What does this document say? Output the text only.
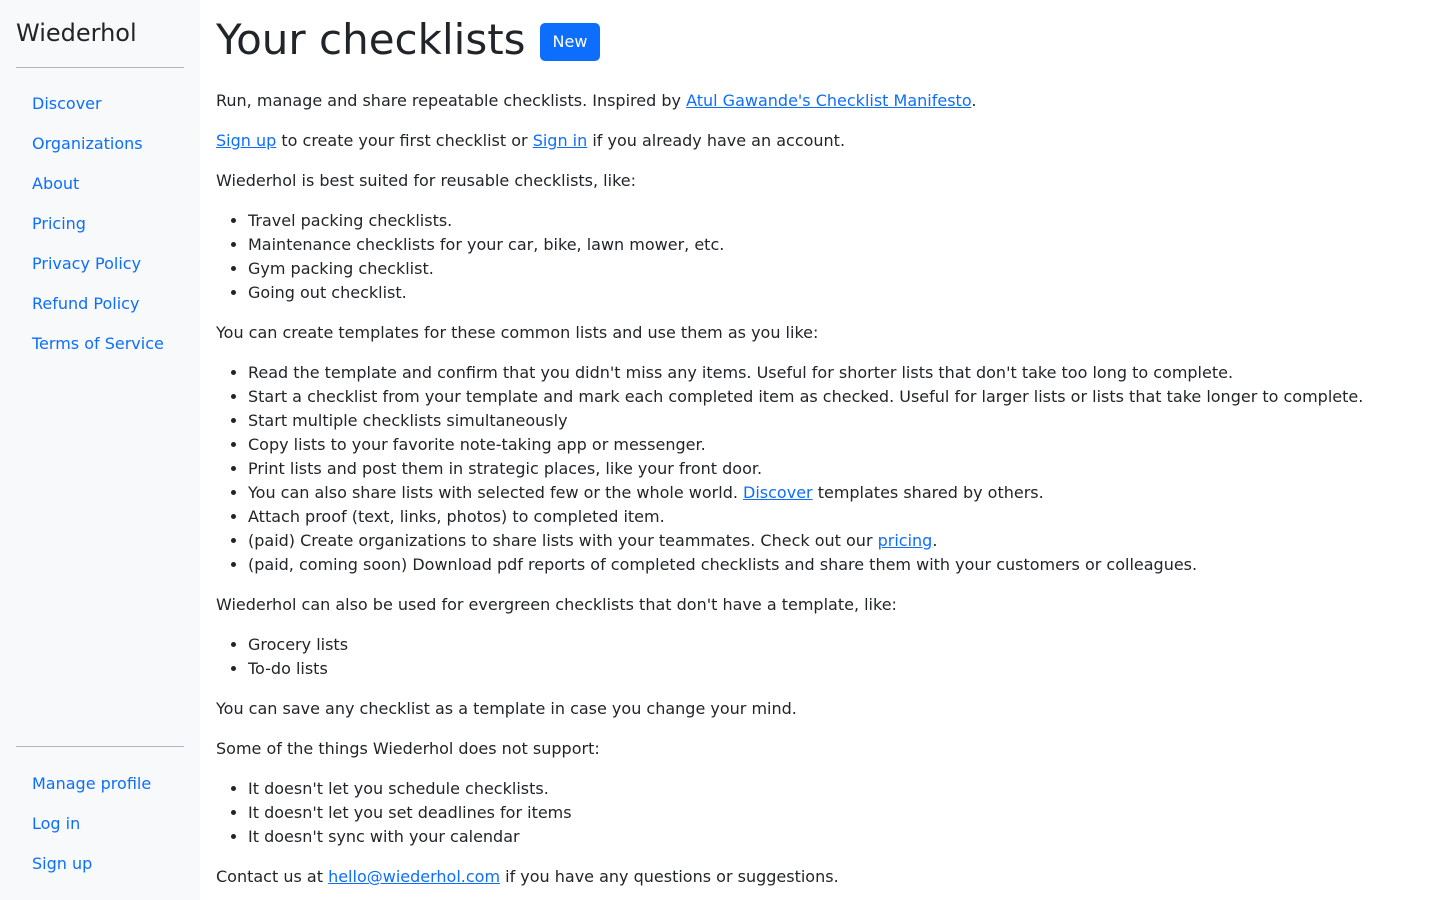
Wiederhol
Discover
Organizations
About
Pricing
Privacy Policy
Refund Policy
Terms of Service
Manage profile
Log in
Sign up
Your checklists	New

Run, manage and share repeatable checklists. Inspired by Atul Gawande's Checklist Manifesto.

Sign up to create your first checklist or Sign in if you already have an account.

Wiederhol is best suited for reusable checklists, like:

• Travel packing checklists.
• Maintenance checklists for your car, bike, lawn mower, etc.
• Gym packing checklist.
• Going out checklist.

You can create templates for these common lists and use them as you like:

• Read the template and confirm that you didn't miss any items. Useful for shorter lists that don't take too long to complete.
• Start a checklist from your template and mark each completed item as checked. Useful for larger lists or lists that take longer to complete.
• Start multiple checklists simultaneously
• Copy lists to your favorite note-taking app or messenger.
• Print lists and post them in strategic places, like your front door.
• You can also share lists with selected few or the whole world. Discover templates shared by others.
• Attach proof (text, links, photos) to completed item.
• (paid) Create organizations to share lists with your teammates. Check out our pricing.
• (paid, coming soon) Download pdf reports of completed checklists and share them with your customers or colleagues.

Wiederhol can also be used for evergreen checklists that don't have a template, like:

• Grocery lists
• To-do lists

You can save any checklist as a template in case you change your mind.

Some of the things Wiederhol does not support:

• It doesn't let you schedule checklists.
• It doesn't let you set deadlines for items
• It doesn't sync with your calendar

Contact us at hello@wiederhol.com if you have any questions or suggestions.
